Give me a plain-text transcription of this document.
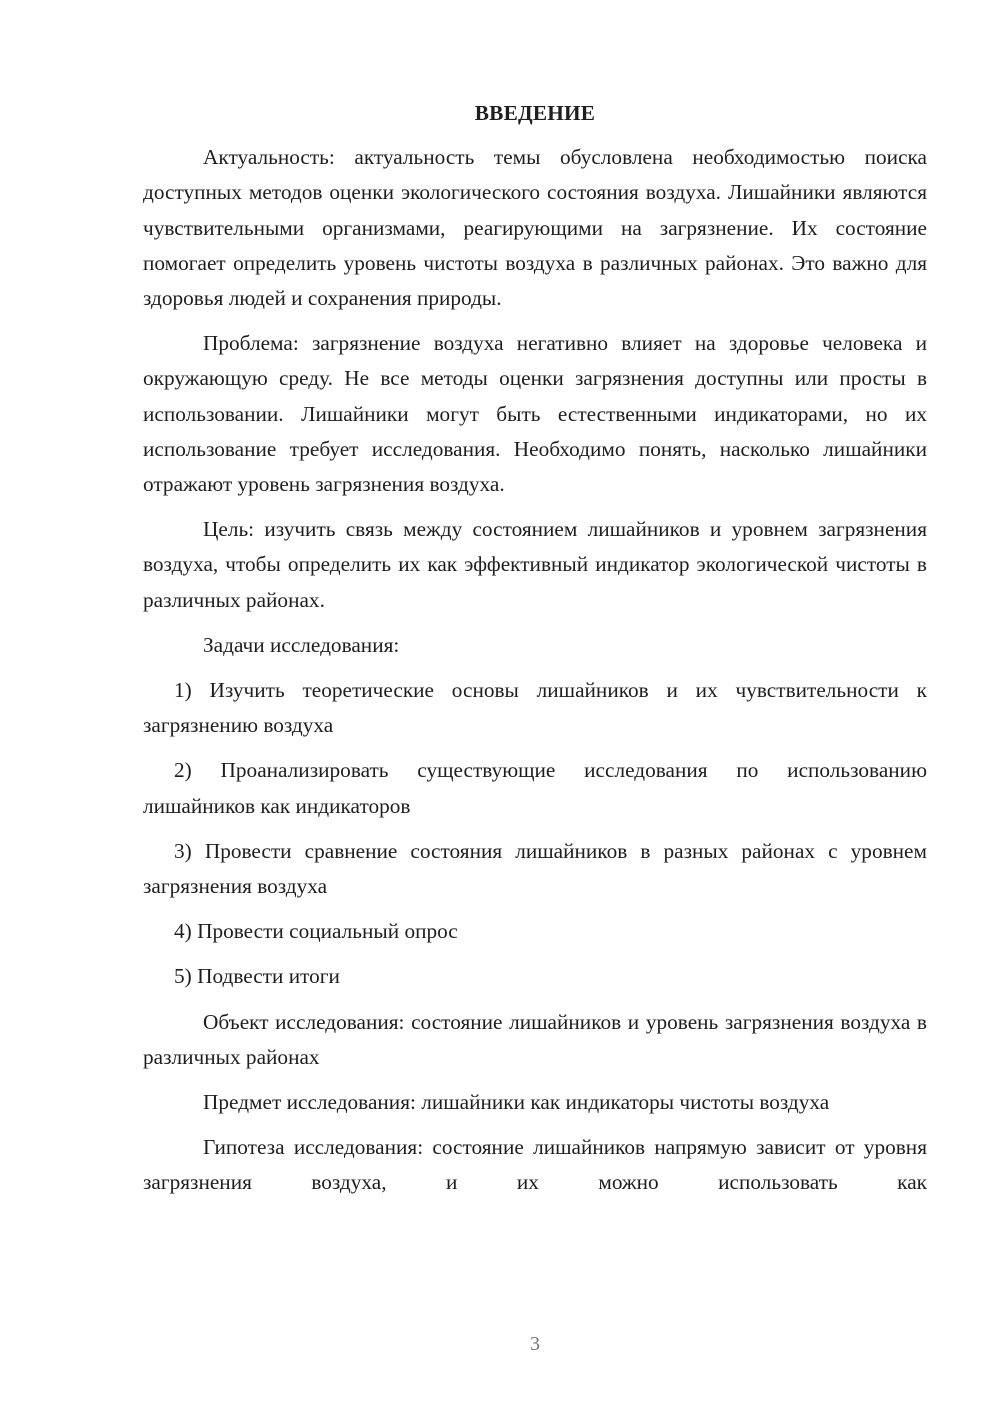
ВВЕДЕНИЕ

Актуальность: актуальность темы обусловлена необходимостью поиска доступных методов оценки экологического состояния воздуха. Лишайники являются чувствительными организмами, реагирующими на загрязнение. Их состояние помогает определить уровень чистоты воздуха в различных районах. Это важно для здоровья людей и сохранения природы.

Проблема: загрязнение воздуха негативно влияет на здоровье человека и окружающую среду. Не все методы оценки загрязнения доступны или просты в использовании. Лишайники могут быть естественными индикаторами, но их использование требует исследования. Необходимо понять, насколько лишайники отражают уровень загрязнения воздуха.

Цель: изучить связь между состоянием лишайников и уровнем загрязнения воздуха, чтобы определить их как эффективный индикатор экологической чистоты в различных районах.

Задачи исследования:

1) Изучить теоретические основы лишайников и их чувствительности к загрязнению воздуха

2) Проанализировать существующие исследования по использованию лишайников как индикаторов

3) Провести сравнение состояния лишайников в разных районах с уровнем загрязнения воздуха

4) Провести социальный опрос

5) Подвести итоги

Объект исследования: состояние лишайников и уровень загрязнения воздуха в различных районах

Предмет исследования: лишайники как индикаторы чистоты воздуха

Гипотеза исследования: состояние лишайников напрямую зависит от уровня загрязнения воздуха, и их можно использовать как

3
